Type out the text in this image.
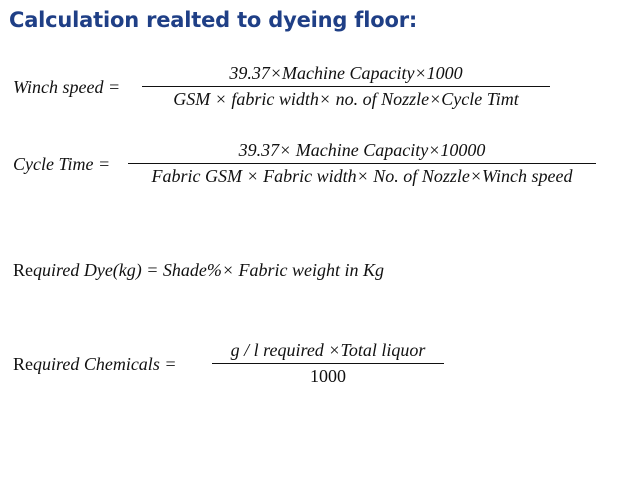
Calculation realted to dyeing floor:
Winch speed =
39.37×Machine Capacity×1000
GSM × fabric width× no. of Nozzle×Cycle Timt
Cycle Time =
39.37× Machine Capacity×10000
Fabric GSM × Fabric width× No. of Nozzle×Winch speed
Required Dye(kg) = Shade%× Fabric weight in Kg
Required Chemicals =
g / l required ×Total liquor
1000
